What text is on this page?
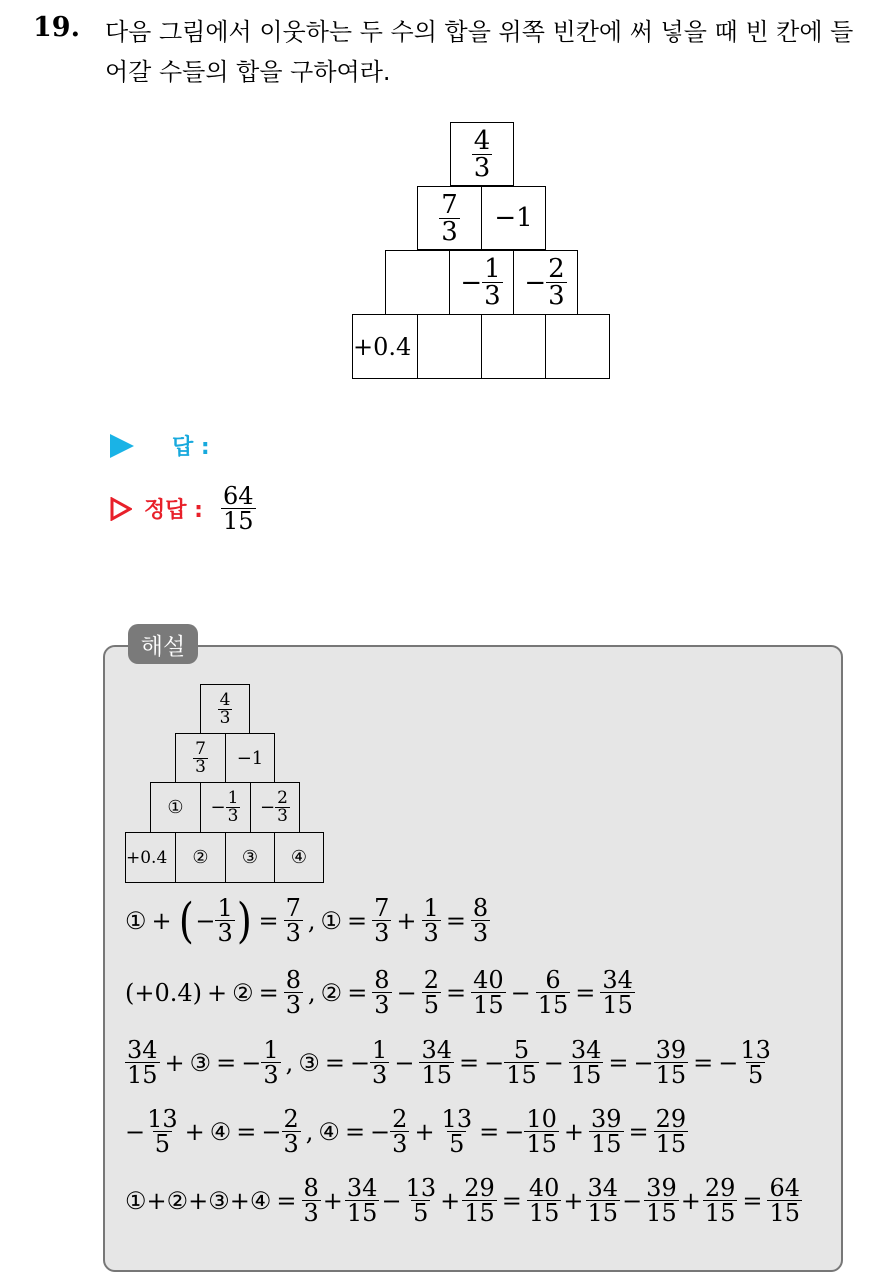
19. 다음 그림에서 이웃하는 두 수의 합을 위쪽 빈칸에 써 넣을 때 빈 칸에 들어갈 수들의 합을 구하여라.
$\frac{4}{3}$
$\frac{7}{3} -1$
− $\frac{1}{3} - \frac{2}{3}$
+0.4
답 :
정답 : $\frac{64}{15}$
해설
$\frac{4}{3}$
$\frac{7}{3} -1$
① − $\frac{1}{3} - \frac{2}{3}$
+0.4 ② ③ ④
① + ( − $\frac{1}{3}$ ) = $\frac{7}{3}$ , ① = $\frac{7}{3} + \frac{1}{3} = \frac{8}{3}$
(+0.4) + ② = $\frac{8}{3}$ , ② = $\frac{8}{3} - \frac{2}{5} = \frac{40}{15} - \frac{6}{15} = \frac{34}{15}$
$\frac{34}{15}$ + ③ = − $\frac{1}{3}$ , ③ = − $\frac{1}{3} - \frac{34}{15}$ = − $\frac{5}{15} - \frac{34}{15}$ = − $\frac{39}{15}$ = − $\frac{13}{5}$
− $\frac{13}{5}$ + ④ = − $\frac{2}{3}$ , ④ = − $\frac{2}{3} + \frac{13}{5}$ = − $\frac{10}{15} + \frac{39}{15} = \frac{29}{15}$
①+②+③+④ = $\frac{8}{3} + \frac{34}{15} - \frac{13}{5} + \frac{29}{15} = \frac{40}{15} + \frac{34}{15} - \frac{39}{15} + \frac{29}{15} = \frac{64}{15}$
